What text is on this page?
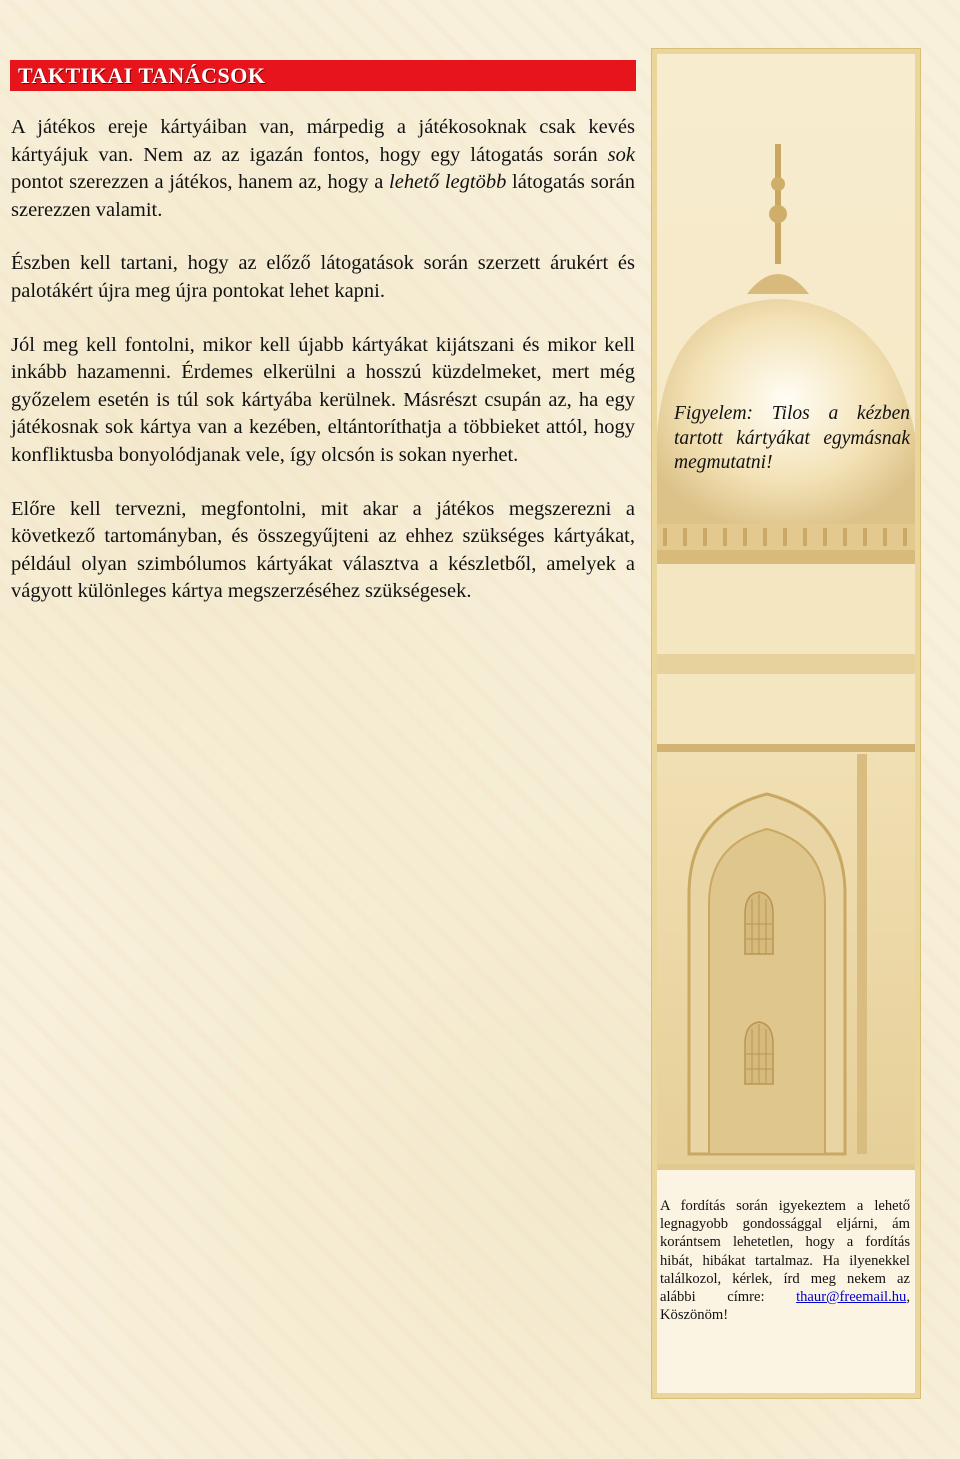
TAKTIKAI TANÁCSOK

A játékos ereje kártyáiban van, márpedig a játékosoknak csak kevés kártyájuk van. Nem az az igazán fontos, hogy egy látogatás során sok pontot szerezzen a játékos, hanem az, hogy a lehető legtöbb látogatás során szerezzen valamit.

Észben kell tartani, hogy az előző látogatások során szerzett árukért és palotákért újra meg újra pontokat lehet kapni.

Jól meg kell fontolni, mikor kell újabb kártyákat kijátszani és mikor kell inkább hazamenni. Érdemes elkerülni a hosszú küzdelmeket, mert még győzelem esetén is túl sok kártyába kerülnek. Másrészt csupán az, ha egy játékosnak sok kártya van a kezében, eltántoríthatja a többieket attól, hogy konfliktusba bonyolódjanak vele, így olcsón is sokan nyerhet.

Előre kell tervezni, megfontolni, mit akar a játékos megszerezni a következő tartományban, és összegyűjteni az ehhez szükséges kártyákat, például olyan szimbólumos kártyákat választva a készletből, amelyek a vágyott különleges kártya megszerzéséhez szükségesek.

Figyelem: Tilos a kézben tartott kártyákat egymásnak megmutatni!
A fordítás során igyekeztem a lehető legnagyobb gondossággal eljárni, ám korántsem lehetetlen, hogy a fordítás hibát, hibákat tartalmaz. Ha ilyenekkel találkozol, kérlek, írd meg nekem az alábbi címre: thaur@freemail.hu, Köszönöm!
